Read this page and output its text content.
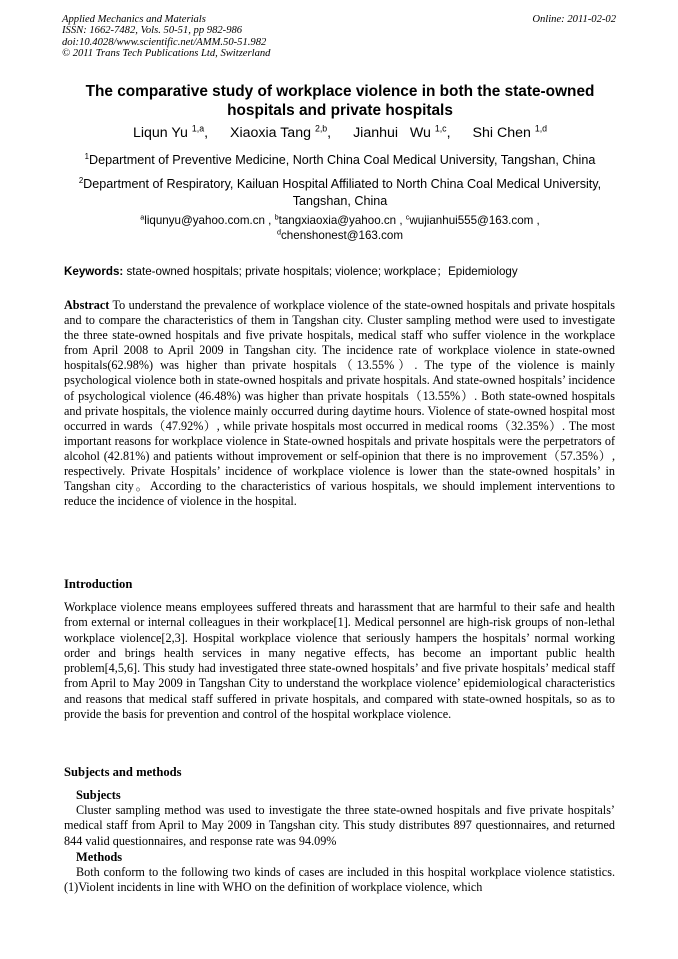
Applied Mechanics and Materials
ISSN: 1662-7482, Vols. 50-51, pp 982-986
doi:10.4028/www.scientific.net/AMM.50-51.982
© 2011 Trans Tech Publications Ltd, Switzerland
Online: 2011-02-02
The comparative study of workplace violence in both the state-owned hospitals and private hospitals
Liqun Yu $^{1,a}$, Xiaoxia Tang $^{2,b}$, Jianhui   Wu $^{1,c}$, Shi Chen $^{1,d}$
$^1$Department of Preventive Medicine, North China Coal Medical University, Tangshan, China
$^2$Department of Respiratory, Kailuan Hospital Affiliated to North China Coal Medical University, Tangshan, China
$^a$liqunyu@yahoo.com.cn , $^b$tangxiaoxia@yahoo.cn , $^c$wujianhui555@163.com ,
$^d$chenshonest@163.com
Keywords: state-owned hospitals; private hospitals; violence; workplace；Epidemiology
Abstract To understand the prevalence of workplace violence of the state-owned hospitals and private hospitals and to compare the characteristics of them in Tangshan city. Cluster sampling method were used to investigate the three state-owned hospitals and five private hospitals, medical staff who suffer violence in the workplace from April 2008 to April 2009 in Tangshan city. The incidence rate of workplace violence in state-owned hospitals(62.98%) was higher than private hospitals（13.55%）. The type of the violence is mainly psychological violence both in state-owned hospitals and private hospitals. And state-owned hospitals’ incidence of psychological violence (46.48%) was higher than private hospitals（13.55%）. Both state-owned hospitals and private hospitals, the violence mainly occurred during daytime hours. Violence of state-owned hospital most occurred in wards（47.92%）, while private hospitals most occurred in medical rooms（32.35%）. The most important reasons for workplace violence in State-owned hospitals and private hospitals were the perpetrators of alcohol (42.81%) and patients without improvement or self-opinion that there is no improvement（57.35%）, respectively. Private Hospitals’ incidence of workplace violence is lower than the state-owned hospitals’ in Tangshan city。According to the characteristics of various hospitals, we should implement interventions to reduce the incidence of violence in the hospital.
Introduction
Workplace violence means employees suffered threats and harassment that are harmful to their safe and health from external or internal colleagues in their workplace[1]. Medical personnel are high-risk groups of non-lethal workplace violence[2,3]. Hospital workplace violence that seriously hampers the hospitals’ normal working order and brings health services in many negative effects, has become an important public health problem[4,5,6]. This study had investigated three state-owned hospitals’ and five private hospitals’ medical staff from April to May 2009 in Tangshan City to understand the workplace violence’ epidemiological characteristics and reasons that medical staff suffered in private hospitals, and compared with state-owned hospitals, so as to provide the basis for prevention and control of the hospital workplace violence.
Subjects and methods
Subjects
Cluster sampling method was used to investigate the three state-owned hospitals and five private hospitals’ medical staff from April to May 2009 in Tangshan city. This study distributes 897 questionnaires, and returned 844 valid questionnaires, and response rate was 94.09%
Methods
Both conform to the following two kinds of cases are included in this hospital workplace violence statistics. (1)Violent incidents in line with WHO on the definition of workplace violence, which
